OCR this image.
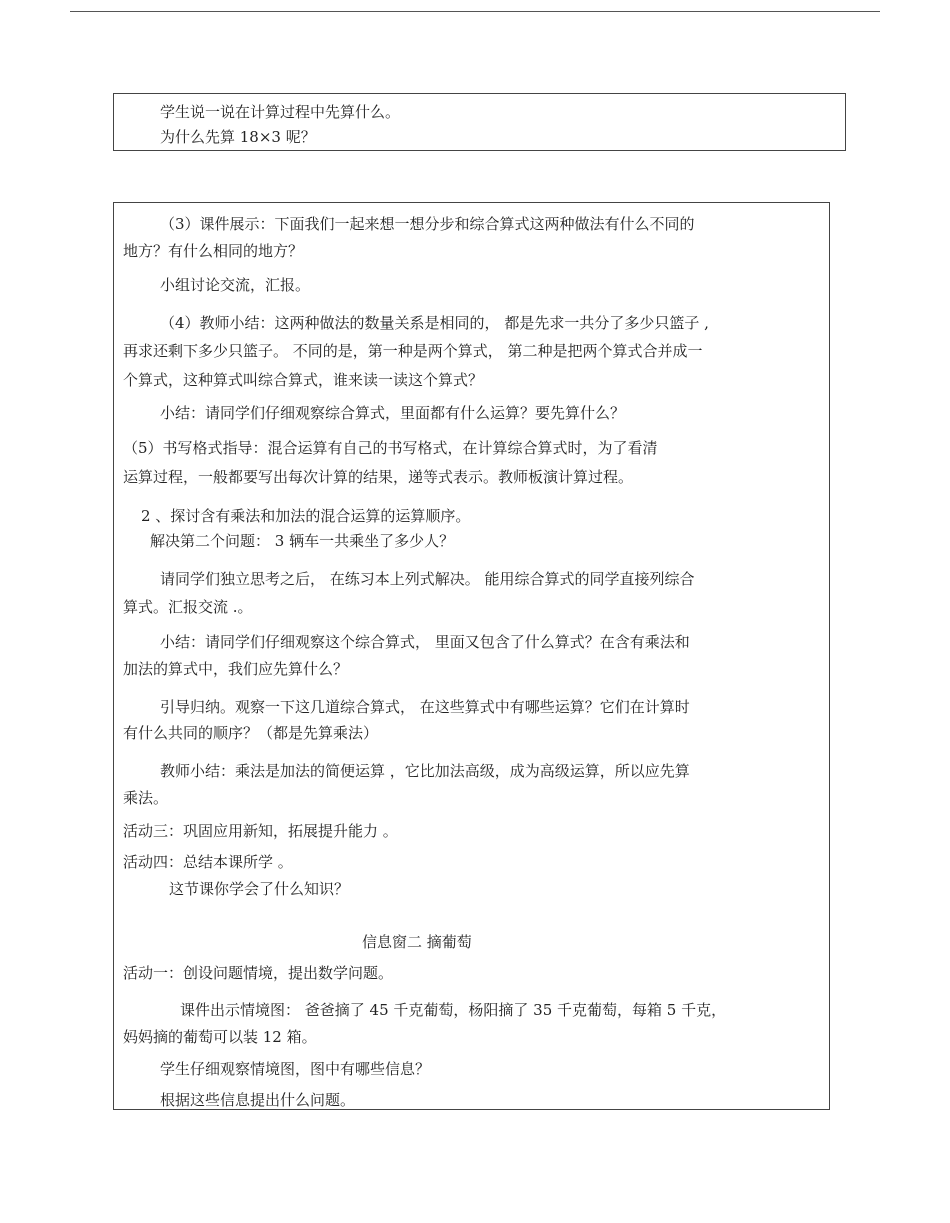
学生说一说在计算过程中先算什么。
为什么先算 18×3 呢？
（3）课件展示：下面我们一起来想一想分步和综合算式这两种做法有什么不同的
地方？有什么相同的地方？
小组讨论交流，汇报。
（4）教师小结：这两种做法的数量关系是相同的， 都是先求一共分了多少只篮子 ,
再求还剩下多少只篮子。 不同的是，第一种是两个算式， 第二种是把两个算式合并成一
个算式，这种算式叫综合算式，谁来读一读这个算式？
小结：请同学们仔细观察综合算式，里面都有什么运算？要先算什么？
（5）书写格式指导：混合运算有自己的书写格式，在计算综合算式时，为了看清
运算过程，一般都要写出每次计算的结果，递等式表示。教师板演计算过程。
2 、探讨含有乘法和加法的混合运算的运算顺序。
解决第二个问题： 3 辆车一共乘坐了多少人？
请同学们独立思考之后， 在练习本上列式解决。 能用综合算式的同学直接列综合
算式。汇报交流 .。
小结：请同学们仔细观察这个综合算式， 里面又包含了什么算式？在含有乘法和
加法的算式中，我们应先算什么？
引导归纳。观察一下这几道综合算式， 在这些算式中有哪些运算？它们在计算时
有什么共同的顺序？（都是先算乘法）
教师小结：乘法是加法的简便运算 ，它比加法高级，成为高级运算，所以应先算
乘法。
活动三：巩固应用新知，拓展提升能力 。
活动四：总结本课所学 。
这节课你学会了什么知识？
信息窗二 摘葡萄
活动一：创设问题情境，提出数学问题。
课件出示情境图： 爸爸摘了 45 千克葡萄，杨阳摘了 35 千克葡萄，每箱 5 千克，
妈妈摘的葡萄可以装 12 箱。
学生仔细观察情境图，图中有哪些信息？
根据这些信息提出什么问题。
